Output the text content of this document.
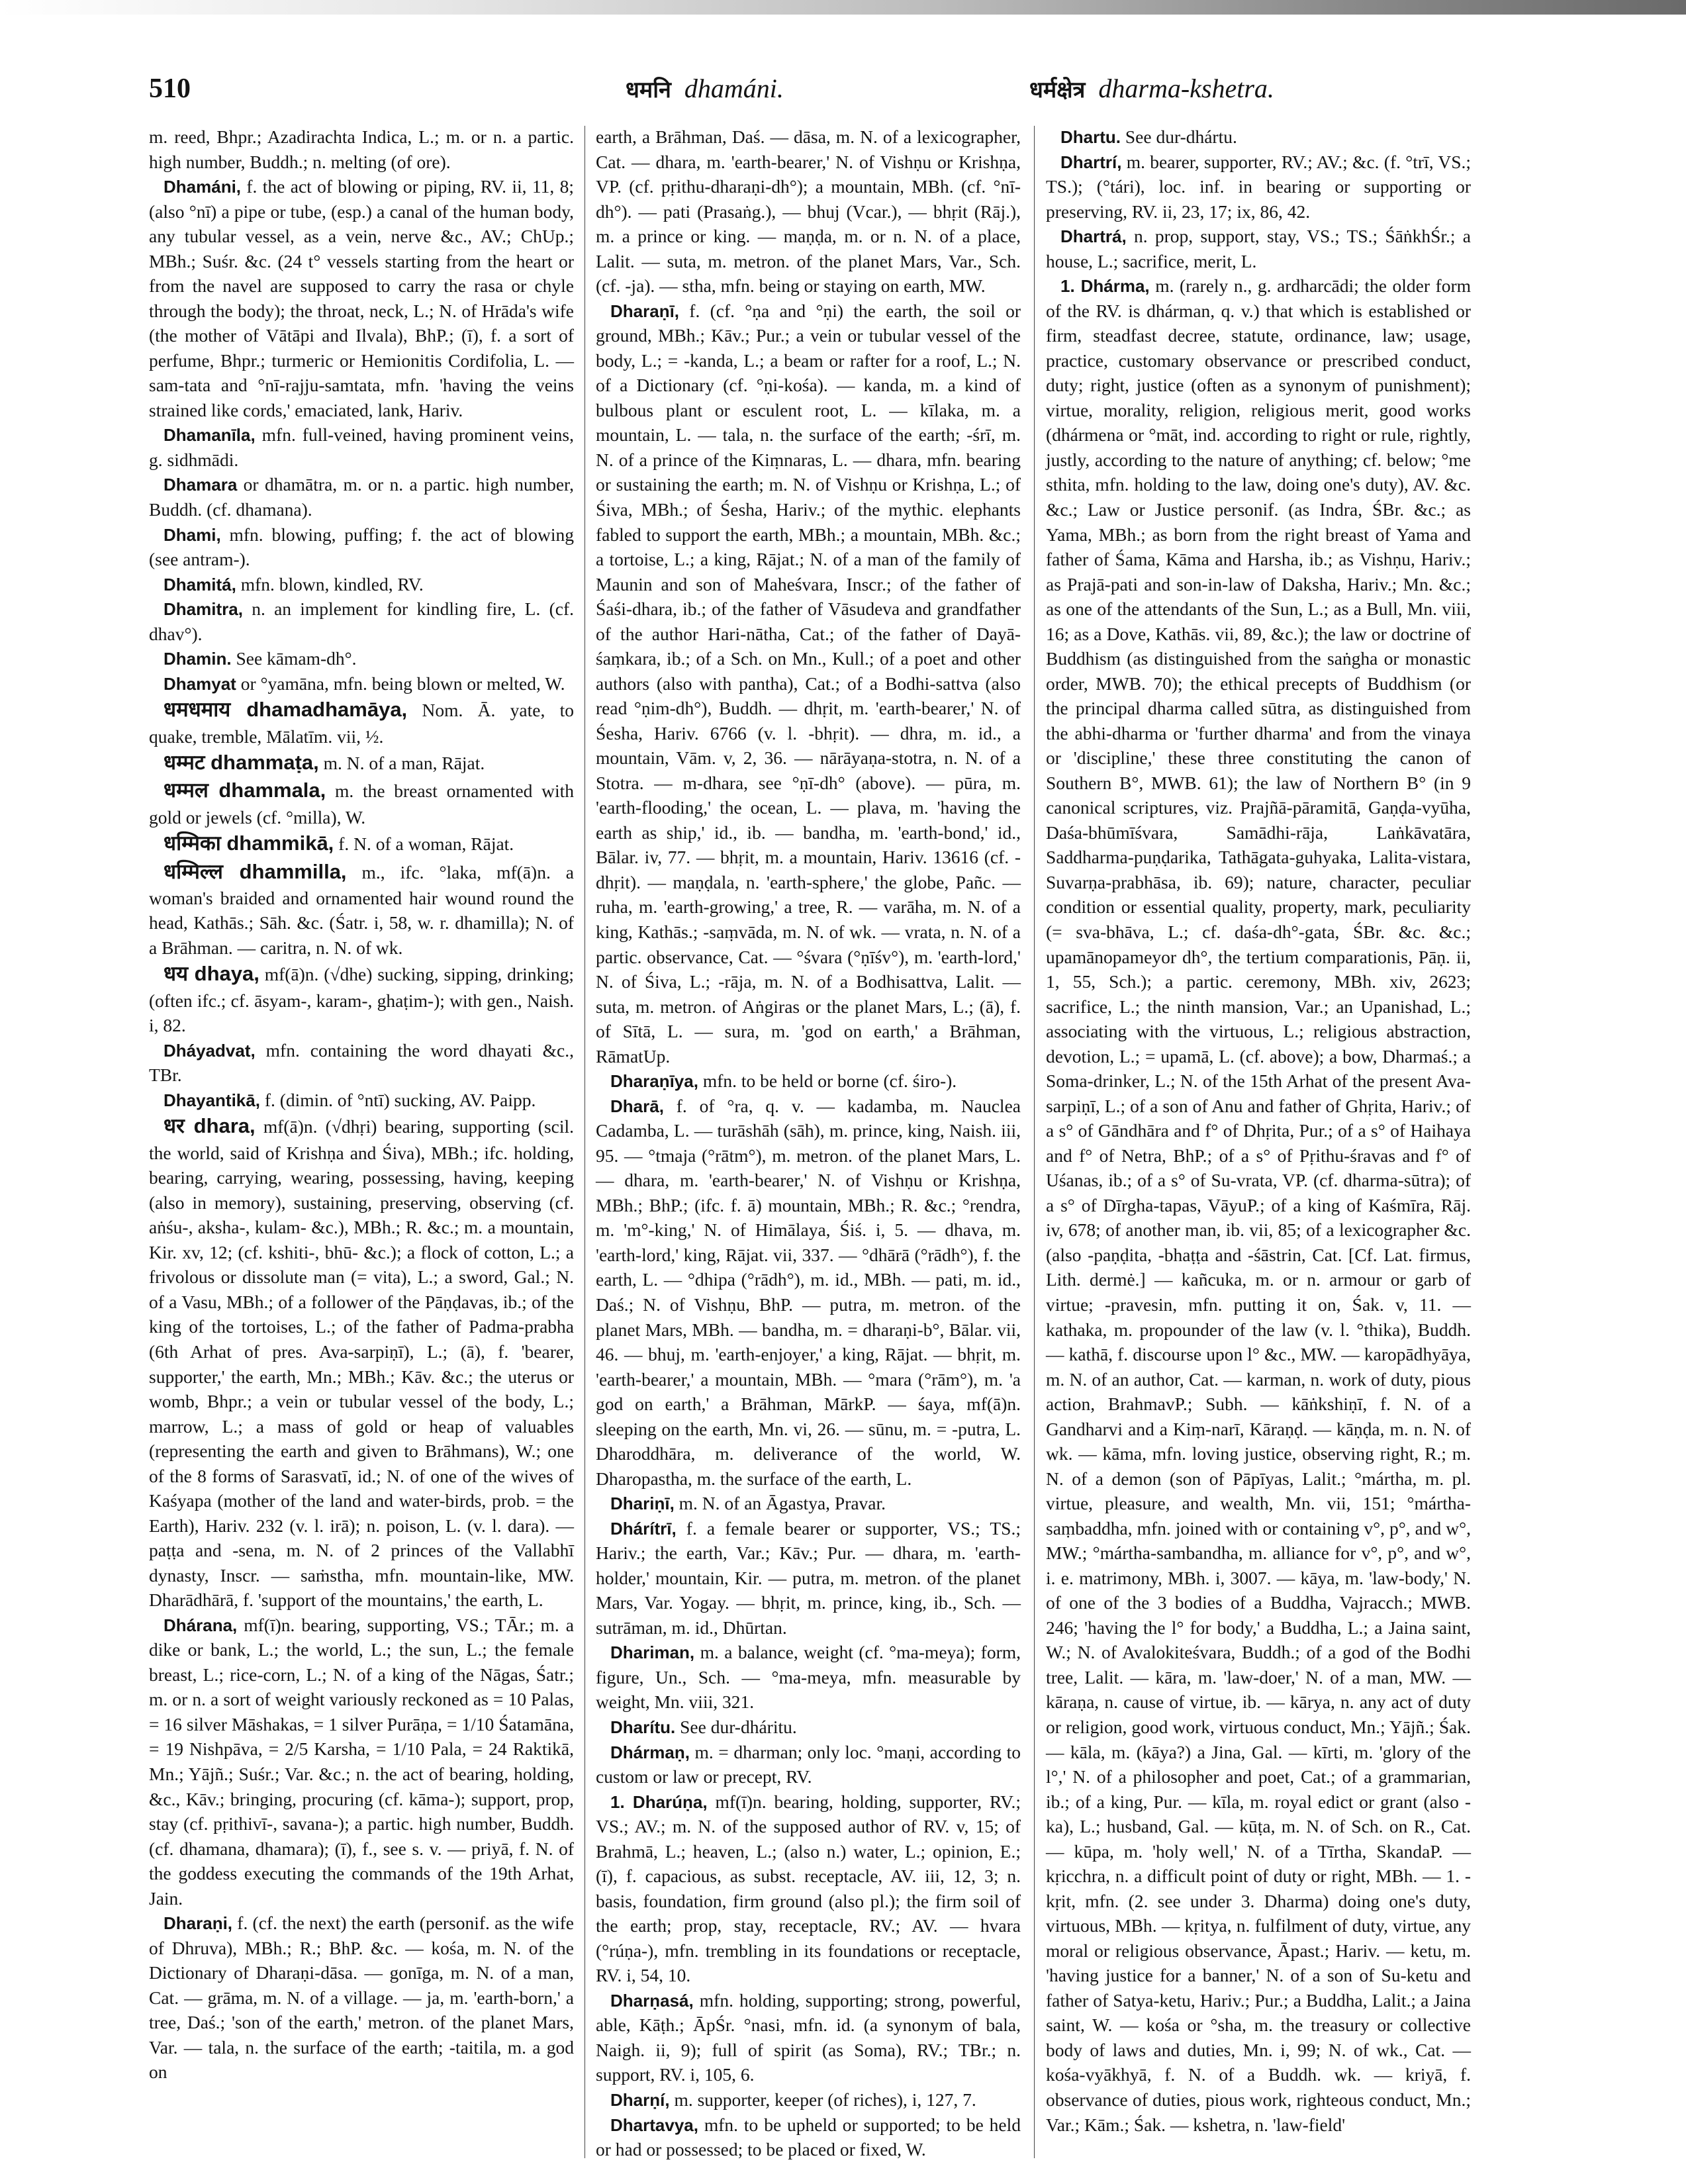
510	धमनि dhamáni.	धर्मक्षेत्र dharma-kshetra.

m. reed, Bhpr.; Azadirachta Indica, L.; m. or n. a partic. high number, Buddh.; n. melting (of ore).

Dhamáni, f. the act of blowing or piping, RV. ii, 11, 8; (also °nī) a pipe or tube, (esp.) a canal of the human body, any tubular vessel, as a vein, nerve &c., AV.; ChUp.; MBh.; Suśr. &c. (24 t° vessels starting from the heart or from the navel are supposed to carry the rasa or chyle through the body); the throat, neck, L.; N. of Hrāda's wife (the mother of Vātāpi and Ilvala), BhP.; (ī), f. a sort of perfume, Bhpr.; turmeric or Hemionitis Cordifolia, L. — sam-tata and °nī-rajju-samtata, mfn. 'having the veins strained like cords,' emaciated, lank, Hariv.

Dhamanīla, mfn. full-veined, having prominent veins, g. sidhmādi.

Dhamara or dhamātra, m. or n. a partic. high number, Buddh. (cf. dhamana).

Dhami, mfn. blowing, puffing; f. the act of blowing (see antram-).

Dhamitá, mfn. blown, kindled, RV.

Dhamitra, n. an implement for kindling fire, L. (cf. dhav°).

Dhamin. See kāmam-dh°.

Dhamyat or °yamāna, mfn. being blown or melted, W.

धमधमाय dhamadhamāya, Nom. Ā. yate, to quake, tremble, Mālatīm. vii, ½.

धम्मट dhammaṭa, m. N. of a man, Rājat.

धम्मल dhammala, m. the breast ornamented with gold or jewels (cf. °milla), W.

धम्मिका dhammikā, f. N. of a woman, Rājat.

धम्मिल्ल dhammilla, m., ifc. °laka, mf(ā)n. a woman's braided and ornamented hair wound round the head, Kathās.; Sāh. &c. (Śatr. i, 58, w. r. dhamilla); N. of a Brāhman. — caritra, n. N. of wk.

धय dhaya, mf(ā)n. (√dhe) sucking, sipping, drinking; (often ifc.; cf. āsyam-, karam-, ghaṭim-); with gen., Naish. i, 82.

Dháyadvat, mfn. containing the word dhayati &c., TBr.

Dhayantikā, f. (dimin. of °ntī) sucking, AV. Paipp.

धर dhara, mf(ā)n. (√dhṛi) bearing, supporting (scil. the world, said of Krishṇa and Śiva), MBh.; ifc. holding, bearing, carrying, wearing, possessing, having, keeping (also in memory), sustaining, preserving, observing (cf. aṅśu-, aksha-, kulam- &c.), MBh.; R. &c.; m. a mountain, Kir. xv, 12; (cf. kshiti-, bhū- &c.); a flock of cotton, L.; a frivolous or dissolute man (= vita), L.; a sword, Gal.; N. of a Vasu, MBh.; of a follower of the Pāṇḍavas, ib.; of the king of the tortoises, L.; of the father of Padma-prabha (6th Arhat of pres. Ava-sarpiṇī), L.; (ā), f. 'bearer, supporter,' the earth, Mn.; MBh.; Kāv. &c.; the uterus or womb, Bhpr.; a vein or tubular vessel of the body, L.; marrow, L.; a mass of gold or heap of valuables (representing the earth and given to Brāhmans), W.; one of the 8 forms of Sarasvatī, id.; N. of one of the wives of Kaśyapa (mother of the land and water-birds, prob. = the Earth), Hariv. 232 (v. l. irā); n. poison, L. (v. l. dara). — paṭṭa and -sena, m. N. of 2 princes of the Vallabhī dynasty, Inscr. — saṁstha, mfn. mountain-like, MW. Dharādhārā, f. 'support of the mountains,' the earth, L.

Dhárana, mf(ī)n. bearing, supporting, VS.; TĀr.; m. a dike or bank, L.; the world, L.; the sun, L.; the female breast, L.; rice-corn, L.; N. of a king of the Nāgas, Śatr.; m. or n. a sort of weight variously reckoned as = 10 Palas, = 16 silver Māshakas, = 1 silver Purāṇa, = 1/10 Śatamāna, = 19 Nishpāva, = 2/5 Karsha, = 1/10 Pala, = 24 Raktikā, Mn.; Yājñ.; Suśr.; Var. &c.; n. the act of bearing, holding, &c., Kāv.; bringing, procuring (cf. kāma-); support, prop, stay (cf. pṛithivī-, savana-); a partic. high number, Buddh. (cf. dhamana, dhamara); (ī), f., see s. v. — priyā, f. N. of the goddess executing the commands of the 19th Arhat, Jain.

Dharaṇi, f. (cf. the next) the earth (personif. as the wife of Dhruva), MBh.; R.; BhP. &c. — kośa, m. N. of the Dictionary of Dharaṇi-dāsa. — gonīga, m. N. of a man, Cat. — grāma, m. N. of a village. — ja, m. 'earth-born,' a tree, Daś.; 'son of the earth,' metron. of the planet Mars, Var. — tala, n. the surface of the earth; -taitila, m. a god on

earth, a Brāhman, Daś. — dāsa, m. N. of a lexicographer, Cat. — dhara, m. 'earth-bearer,' N. of Vishṇu or Krishṇa, VP. (cf. pṛithu-dharaṇi-dh°); a mountain, MBh. (cf. °nī-dh°). — pati (Prasaṅg.), — bhuj (Vcar.), — bhṛit (Rāj.), m. a prince or king. — maṇḍa, m. or n. N. of a place, Lalit. — suta, m. metron. of the planet Mars, Var., Sch. (cf. -ja). — stha, mfn. being or staying on earth, MW.

Dharaṇī, f. (cf. °ṇa and °ṇi) the earth, the soil or ground, MBh.; Kāv.; Pur.; a vein or tubular vessel of the body, L.; = -kanda, L.; a beam or rafter for a roof, L.; N. of a Dictionary (cf. °ṇi-kośa). — kanda, m. a kind of bulbous plant or esculent root, L. — kīlaka, m. a mountain, L. — tala, n. the surface of the earth; -śrī, m. N. of a prince of the Kiṃnaras, L. — dhara, mfn. bearing or sustaining the earth; m. N. of Vishṇu or Krishṇa, L.; of Śiva, MBh.; of Śesha, Hariv.; of the mythic. elephants fabled to support the earth, MBh.; a mountain, MBh. &c.; a tortoise, L.; a king, Rājat.; N. of a man of the family of Maunin and son of Maheśvara, Inscr.; of the father of Śaśi-dhara, ib.; of the father of Vāsudeva and grandfather of the author Hari-nātha, Cat.; of the father of Dayā-śaṃkara, ib.; of a Sch. on Mn., Kull.; of a poet and other authors (also with pantha), Cat.; of a Bodhi-sattva (also read °ṇim-dh°), Buddh. — dhṛit, m. 'earth-bearer,' N. of Śesha, Hariv. 6766 (v. l. -bhṛit). — dhra, m. id., a mountain, Vām. v, 2, 36. — nārāyaṇa-stotra, n. N. of a Stotra. — m-dhara, see °ṇī-dh° (above). — pūra, m. 'earth-flooding,' the ocean, L. — plava, m. 'having the earth as ship,' id., ib. — bandha, m. 'earth-bond,' id., Bālar. iv, 77. — bhṛit, m. a mountain, Hariv. 13616 (cf. -dhṛit). — maṇḍala, n. 'earth-sphere,' the globe, Pañc. — ruha, m. 'earth-growing,' a tree, R. — varāha, m. N. of a king, Kathās.; -saṃvāda, m. N. of wk. — vrata, n. N. of a partic. observance, Cat. — °śvara (°ṇīśv°), m. 'earth-lord,' N. of Śiva, L.; -rāja, m. N. of a Bodhisattva, Lalit. — suta, m. metron. of Aṅgiras or the planet Mars, L.; (ā), f. of Sītā, L. — sura, m. 'god on earth,' a Brāhman, RāmatUp.

Dharaṇīya, mfn. to be held or borne (cf. śiro-).

Dharā, f. of °ra, q. v. — kadamba, m. Nauclea Cadamba, L. — turāshāh (sāh), m. prince, king, Naish. iii, 95. — °tmaja (°rātm°), m. metron. of the planet Mars, L. — dhara, m. 'earth-bearer,' N. of Vishṇu or Krishṇa, MBh.; BhP.; (ifc. f. ā) mountain, MBh.; R. &c.; °rendra, m. 'm°-king,' N. of Himālaya, Śiś. i, 5. — dhava, m. 'earth-lord,' king, Rājat. vii, 337. — °dhārā (°rādh°), f. the earth, L. — °dhipa (°rādh°), m. id., MBh. — pati, m. id., Daś.; N. of Vishṇu, BhP. — putra, m. metron. of the planet Mars, MBh. — bandha, m. = dharaṇi-b°, Bālar. vii, 46. — bhuj, m. 'earth-enjoyer,' a king, Rājat. — bhṛit, m. 'earth-bearer,' a mountain, MBh. — °mara (°rām°), m. 'a god on earth,' a Brāhman, MārkP. — śaya, mf(ā)n. sleeping on the earth, Mn. vi, 26. — sūnu, m. = -putra, L. Dharoddhāra, m. deliverance of the world, W. Dharopastha, m. the surface of the earth, L.

Dhariṇī, m. N. of an Āgastya, Pravar.

Dhárítrī, f. a female bearer or supporter, VS.; TS.; Hariv.; the earth, Var.; Kāv.; Pur. — dhara, m. 'earth-holder,' mountain, Kir. — putra, m. metron. of the planet Mars, Var. Yogay. — bhṛit, m. prince, king, ib., Sch. — sutrāman, m. id., Dhūrtan.

Dhariman, m. a balance, weight (cf. °ma-meya); form, figure, Un., Sch. — °ma-meya, mfn. measurable by weight, Mn. viii, 321.

Dharítu. See dur-dháritu.

Dhármaṇ, m. = dharman; only loc. °maṇi, according to custom or law or precept, RV.

1. Dharúṇa, mf(ī)n. bearing, holding, supporter, RV.; VS.; AV.; m. N. of the supposed author of RV. v, 15; of Brahmā, L.; heaven, L.; (also n.) water, L.; opinion, E.; (ī), f. capacious, as subst. receptacle, AV. iii, 12, 3; n. basis, foundation, firm ground (also pl.); the firm soil of the earth; prop, stay, receptacle, RV.; AV. — hvara (°rúṇa-), mfn. trembling in its foundations or receptacle, RV. i, 54, 10.

Dharṇasá, mfn. holding, supporting; strong, powerful, able, Kāṭh.; ĀpŚr. °nasi, mfn. id. (a synonym of bala, Naigh. ii, 9); full of spirit (as Soma), RV.; TBr.; n. support, RV. i, 105, 6.

Dharṇí, m. supporter, keeper (of riches), i, 127, 7.

Dhartavya, mfn. to be upheld or supported; to be held or had or possessed; to be placed or fixed, W.

Dhartu. See dur-dhártu.

Dhartrí, m. bearer, supporter, RV.; AV.; &c. (f. °trī, VS.; TS.); (°tári), loc. inf. in bearing or supporting or preserving, RV. ii, 23, 17; ix, 86, 42.

Dhartrá, n. prop, support, stay, VS.; TS.; ŚāṅkhŚr.; a house, L.; sacrifice, merit, L.

1. Dhárma, m. (rarely n., g. ardharcādi; the older form of the RV. is dhárman, q. v.) that which is established or firm, steadfast decree, statute, ordinance, law; usage, practice, customary observance or prescribed conduct, duty; right, justice (often as a synonym of punishment); virtue, morality, religion, religious merit, good works (dhármena or °māt, ind. according to right or rule, rightly, justly, according to the nature of anything; cf. below; °me sthita, mfn. holding to the law, doing one's duty), AV. &c. &c.; Law or Justice personif. (as Indra, ŚBr. &c.; as Yama, MBh.; as born from the right breast of Yama and father of Śama, Kāma and Harsha, ib.; as Vishṇu, Hariv.; as Prajā-pati and son-in-law of Daksha, Hariv.; Mn. &c.; as one of the attendants of the Sun, L.; as a Bull, Mn. viii, 16; as a Dove, Kathās. vii, 89, &c.); the law or doctrine of Buddhism (as distinguished from the saṅgha or monastic order, MWB. 70); the ethical precepts of Buddhism (or the principal dharma called sūtra, as distinguished from the abhi-dharma or 'further dharma' and from the vinaya or 'discipline,' these three constituting the canon of Southern B°, MWB. 61); the law of Northern B° (in 9 canonical scriptures, viz. Prajñā-pāramitā, Gaṇḍa-vyūha, Daśa-bhūmīśvara, Samādhi-rāja, Laṅkāvatāra, Saddharma-puṇḍarika, Tathāgata-guhyaka, Lalita-vistara, Suvarṇa-prabhāsa, ib. 69); nature, character, peculiar condition or essential quality, property, mark, peculiarity (= sva-bhāva, L.; cf. daśa-dh°-gata, ŚBr. &c. &c.; upamānopameyor dh°, the tertium comparationis, Pāṇ. ii, 1, 55, Sch.); a partic. ceremony, MBh. xiv, 2623; sacrifice, L.; the ninth mansion, Var.; an Upanishad, L.; associating with the virtuous, L.; religious abstraction, devotion, L.; = upamā, L. (cf. above); a bow, Dharmaś.; a Soma-drinker, L.; N. of the 15th Arhat of the present Ava-sarpiṇī, L.; of a son of Anu and father of Ghṛita, Hariv.; of a s° of Gāndhāra and f° of Dhṛita, Pur.; of a s° of Haihaya and f° of Netra, BhP.; of a s° of Pṛithu-śravas and f° of Uśanas, ib.; of a s° of Su-vrata, VP. (cf. dharma-sūtra); of a s° of Dīrgha-tapas, VāyuP.; of a king of Kaśmīra, Rāj. iv, 678; of another man, ib. vii, 85; of a lexicographer &c. (also -paṇḍita, -bhaṭṭa and -śāstrin, Cat. [Cf. Lat. firmus, Lith. dermė.] — kañcuka, m. or n. armour or garb of virtue; -pravesin, mfn. putting it on, Śak. v, 11. — kathaka, m. propounder of the law (v. l. °thika), Buddh. — kathā, f. discourse upon l° &c., MW. — karopādhyāya, m. N. of an author, Cat. — karman, n. work of duty, pious action, BrahmavP.; Subh. — kāṅkshiṇī, f. N. of a Gandharvi and a Kiṃ-narī, Kāraṇḍ. — kāṇḍa, m. n. N. of wk. — kāma, mfn. loving justice, observing right, R.; m. N. of a demon (son of Pāpīyas, Lalit.; °mártha, m. pl. virtue, pleasure, and wealth, Mn. vii, 151; °mártha-saṃbaddha, mfn. joined with or containing v°, p°, and w°, MW.; °mártha-sambandha, m. alliance for v°, p°, and w°, i. e. matrimony, MBh. i, 3007. — kāya, m. 'law-body,' N. of one of the 3 bodies of a Buddha, Vajracch.; MWB. 246; 'having the l° for body,' a Buddha, L.; a Jaina saint, W.; N. of Avalokiteśvara, Buddh.; of a god of the Bodhi tree, Lalit. — kāra, m. 'law-doer,' N. of a man, MW. — kāraṇa, n. cause of virtue, ib. — kārya, n. any act of duty or religion, good work, virtuous conduct, Mn.; Yājñ.; Śak. — kāla, m. (kāya?) a Jina, Gal. — kīrti, m. 'glory of the l°,' N. of a philosopher and poet, Cat.; of a grammarian, ib.; of a king, Pur. — kīla, m. royal edict or grant (also -ka), L.; husband, Gal. — kūṭa, m. N. of Sch. on R., Cat. — kūpa, m. 'holy well,' N. of a Tīrtha, SkandaP. — kṛicchra, n. a difficult point of duty or right, MBh. — 1. -kṛit, mfn. (2. see under 3. Dharma) doing one's duty, virtuous, MBh. — kṛitya, n. fulfilment of duty, virtue, any moral or religious observance, Āpast.; Hariv. — ketu, m. 'having justice for a banner,' N. of a son of Su-ketu and father of Satya-ketu, Hariv.; Pur.; a Buddha, Lalit.; a Jaina saint, W. — kośa or °sha, m. the treasury or collective body of laws and duties, Mn. i, 99; N. of wk., Cat. — kośa-vyākhyā, f. N. of a Buddh. wk. — kriyā, f. observance of duties, pious work, righteous conduct, Mn.; Var.; Kām.; Śak. — kshetra, n. 'law-field'
